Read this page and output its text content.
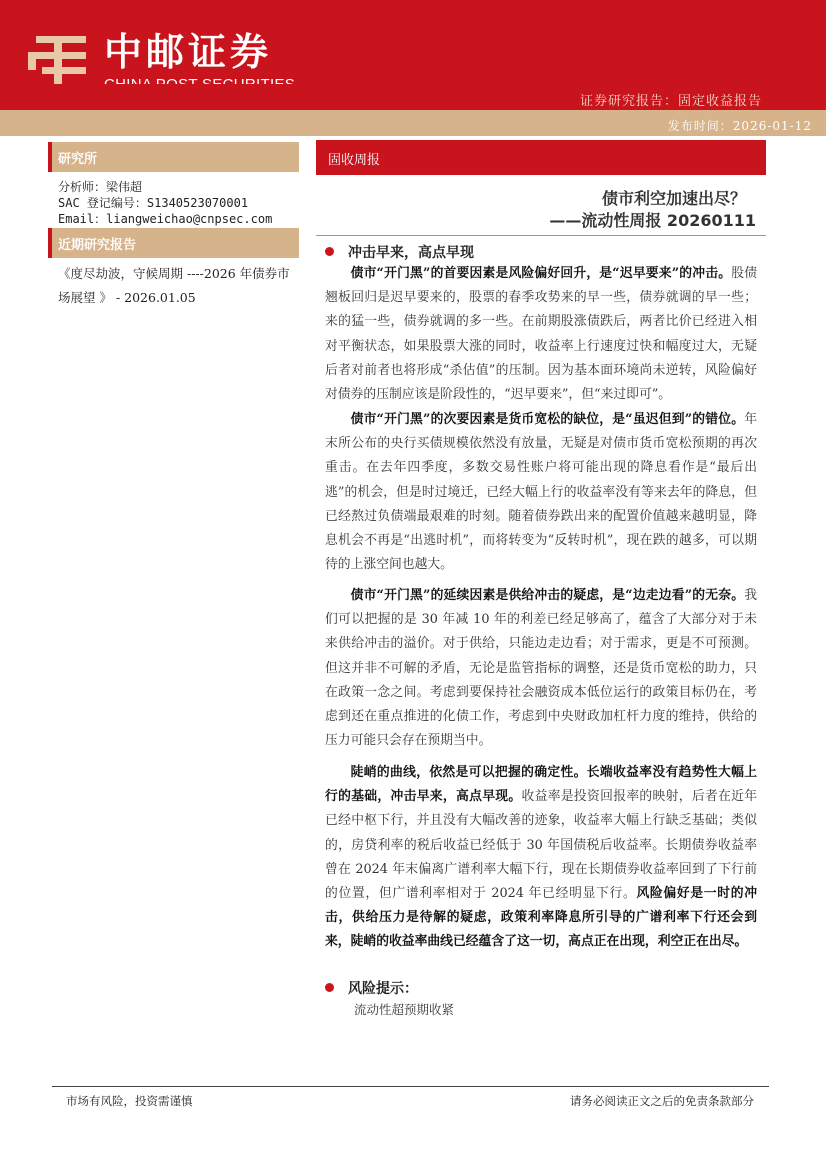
中邮证券
证券研究报告：固定收益报告
发布时间：2026-01-12
研究所
分析师：梁伟超
SAC 登记编号：S1340523070001
Email：liangweichao@cnpsec.com
近期研究报告
《度尽劫波，守候周期 ----2026 年债券市场展望 》 - 2026.01.05
固收周报
债市利空加速出尽？
——流动性周报 20260111
冲击早来，高点早现
债市“开门黑”的首要因素是风险偏好回升，是“迟早要来”的冲击。股债翘板回归是迟早要来的，股票的春季攻势来的早一些，债券就调的早一些；来的猛一些，债券就调的多一些。在前期股涨债跌后，两者比价已经进入相对平衡状态，如果股票大涨的同时，收益率上行速度过快和幅度过大，无疑后者对前者也将形成“杀估值”的压制。因为基本面环境尚未逆转，风险偏好对债券的压制应该是阶段性的，“迟早要来”，但“来过即可”。
债市“开门黑”的次要因素是货币宽松的缺位，是“虽迟但到”的错位。年末所公布的央行买债规模依然没有放量，无疑是对债市货币宽松预期的再次重击。在去年四季度，多数交易性账户将可能出现的降息看作是“最后出逃”的机会，但是时过境迁，已经大幅上行的收益率没有等来去年的降息，但已经熬过负债端最艰难的时刻。随着债券跌出来的配置价值越来越明显，降息机会不再是“出逃时机”，而将转变为“反转时机”，现在跌的越多，可以期待的上涨空间也越大。
债市“开门黑”的延续因素是供给冲击的疑虑，是“边走边看”的无奈。我们可以把握的是 30 年减 10 年的利差已经足够高了，蕴含了大部分对于未来供给冲击的溢价。对于供给，只能边走边看；对于需求，更是不可预测。但这并非不可解的矛盾，无论是监管指标的调整，还是货币宽松的助力，只在政策一念之间。考虑到要保持社会融资成本低位运行的政策目标仍在，考虑到还在重点推进的化债工作，考虑到中央财政加杠杆力度的维持，供给的压力可能只会存在预期当中。
陡峭的曲线，依然是可以把握的确定性。长端收益率没有趋势性大幅上行的基础，冲击早来，高点早现。收益率是投资回报率的映射，后者在近年已经中枢下行，并且没有大幅改善的迹象，收益率大幅上行缺乏基础；类似的，房贷利率的税后收益已经低于 30 年国债税后收益率。长期债券收益率曾在 2024 年末偏离广谱利率大幅下行，现在长期债券收益率回到了下行前的位置，但广谱利率相对于 2024 年已经明显下行。风险偏好是一时的冲击，供给压力是待解的疑虑，政策利率降息所引导的广谱利率下行还会到来，陡峭的收益率曲线已经蕴含了这一切，高点正在出现，利空正在出尽。
风险提示：
流动性超预期收紧
市场有风险，投资需谨慎	请务必阅读正文之后的免责条款部分
